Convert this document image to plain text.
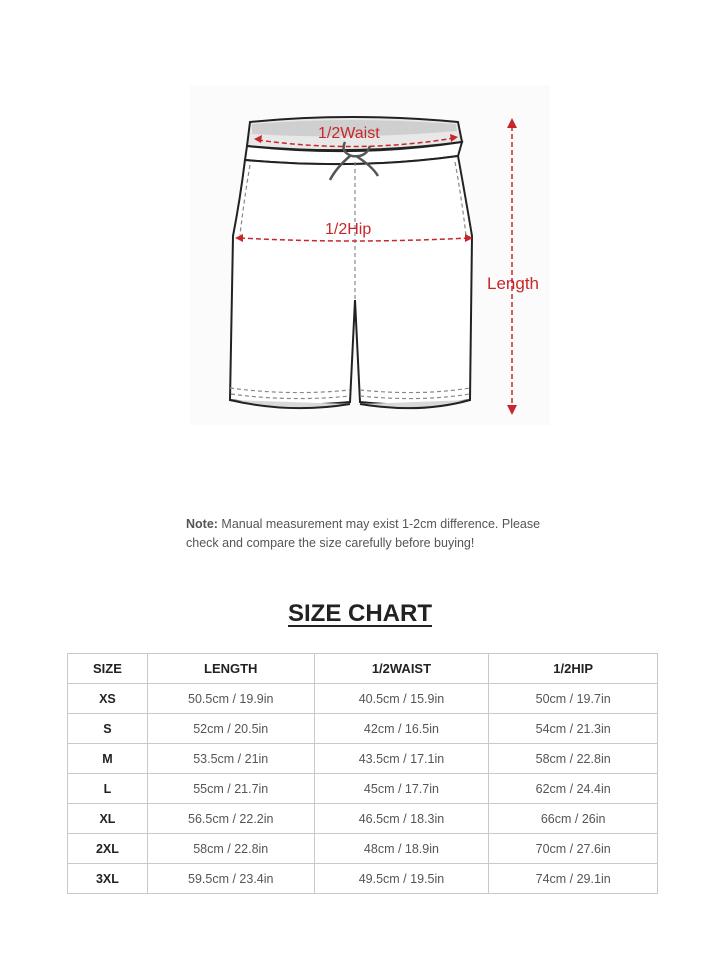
1/2Waist
1/2Hip
Length
Note: Manual measurement may exist 1-2cm difference. Please check and compare the size carefully before buying!
SIZE CHART
SIZE	LENGTH	1/2WAIST	1/2HIP
XS	50.5cm / 19.9in	40.5cm / 15.9in	50cm / 19.7in
S	52cm / 20.5in	42cm / 16.5in	54cm / 21.3in
M	53.5cm / 21in	43.5cm / 17.1in	58cm / 22.8in
L	55cm / 21.7in	45cm / 17.7in	62cm / 24.4in
XL	56.5cm / 22.2in	46.5cm / 18.3in	66cm / 26in
2XL	58cm / 22.8in	48cm / 18.9in	70cm / 27.6in
3XL	59.5cm / 23.4in	49.5cm / 19.5in	74cm / 29.1in
